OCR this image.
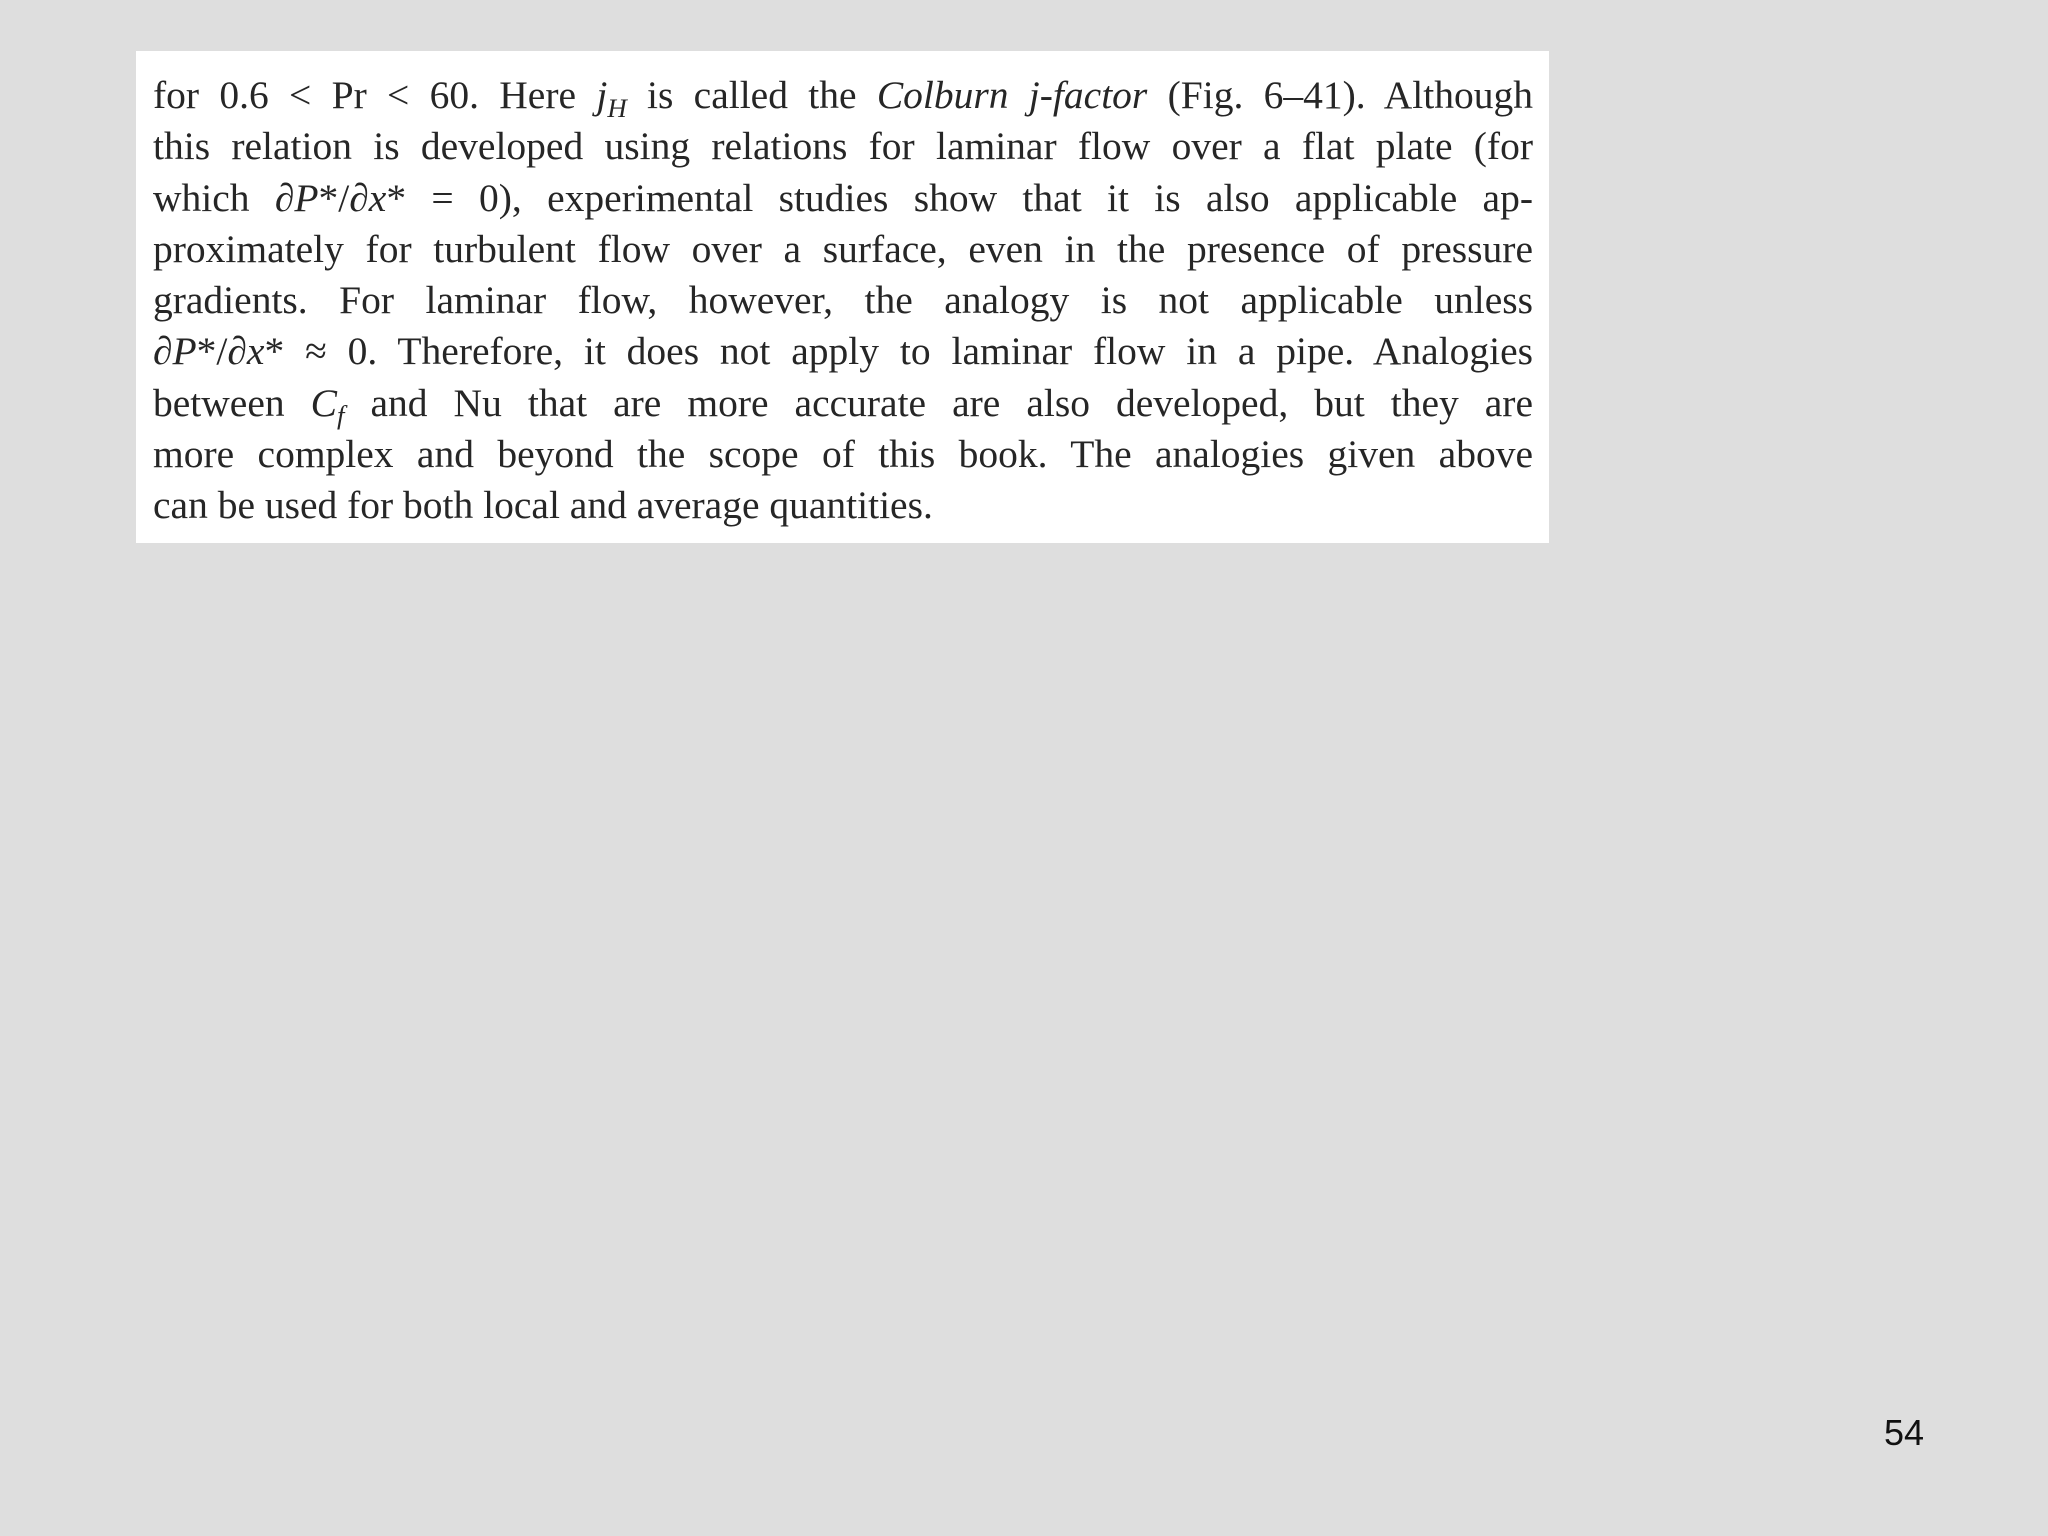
for 0.6 < Pr < 60. Here $j_H$ is called the Colburn j-factor (Fig. 6–41). Although
this relation is developed using relations for laminar flow over a flat plate (for
which ∂P*/∂x* = 0), experimental studies show that it is also applicable ap-
proximately for turbulent flow over a surface, even in the presence of pressure
gradients. For laminar flow, however, the analogy is not applicable unless
∂P*/∂x* ≈ 0. Therefore, it does not apply to laminar flow in a pipe. Analogies
between $C_f$ and Nu that are more accurate are also developed, but they are
more complex and beyond the scope of this book. The analogies given above
can be used for both local and average quantities.
54
